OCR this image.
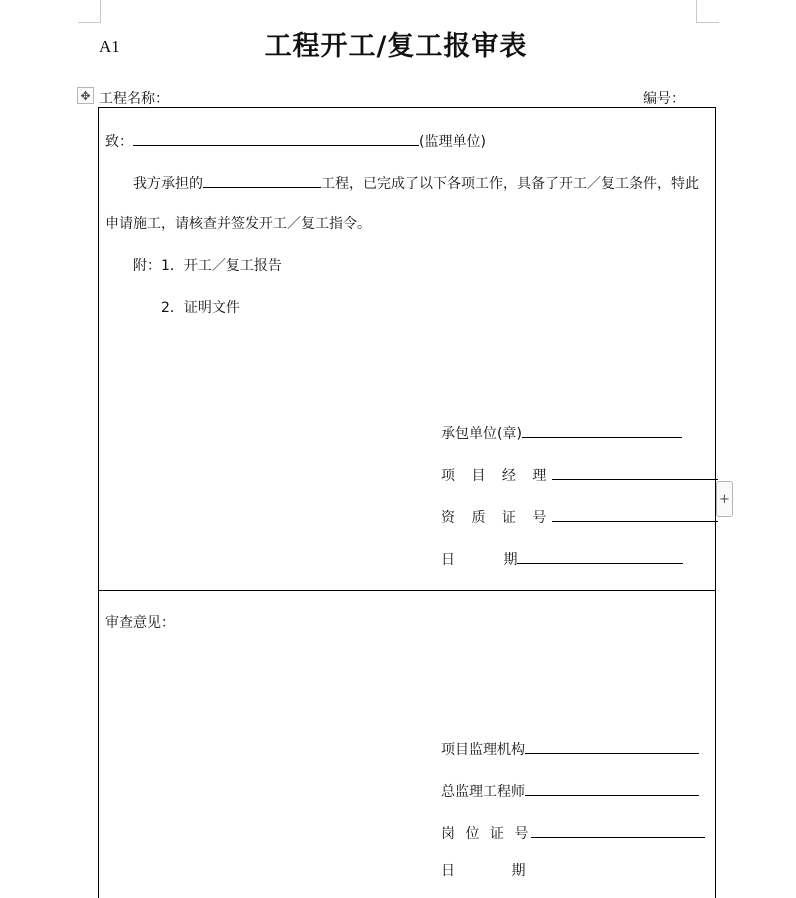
A1	工程开工/复工报审表
✥ 工程名称：	编号：
致：	(监理单位)
我方承担的	工程，已完成了以下各项工作，具备了开工／复工条件，特此
申请施工，请核查并签发开工／复工指令。
附：1．开工／复工报告
2．证明文件
承包单位(章)
项 目 经 理
资 质 证 号
日 期
+
审查意见：
项目监理机构
总监理工程师
岗 位 证 号
日 期
